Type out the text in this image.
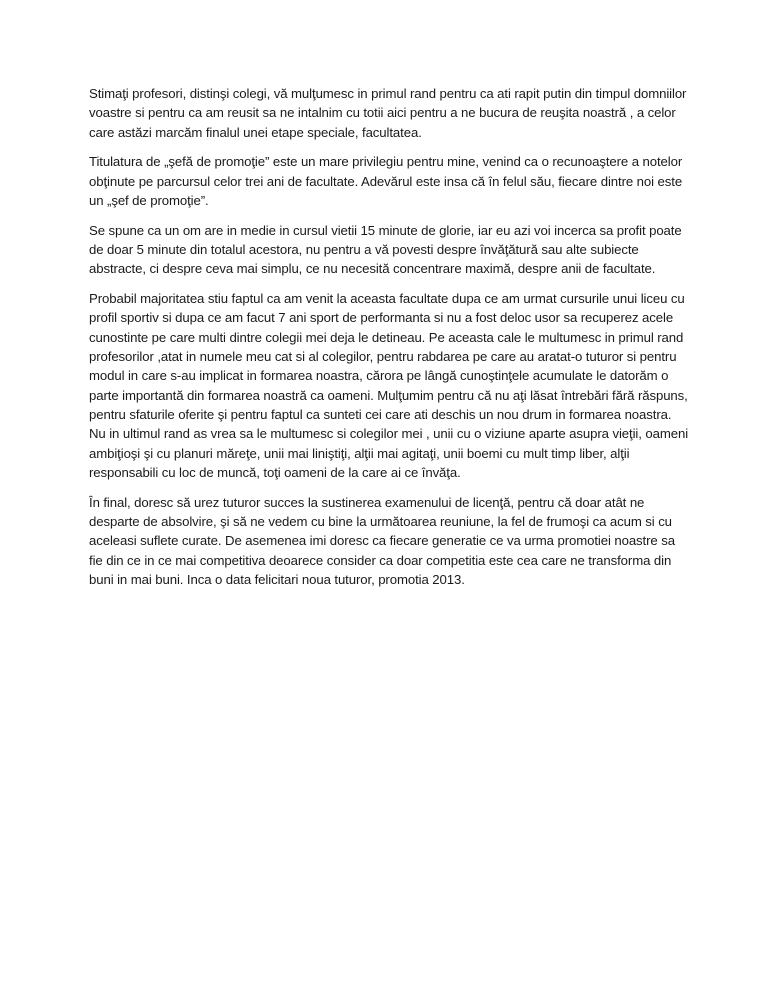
Stimaţi profesori, distinşi colegi, vă mulţumesc in primul rand pentru ca ati rapit putin din timpul domniilor voastre si pentru ca am reusit sa ne intalnim cu totii aici pentru a ne bucura de reuşita noastră , a celor care astăzi marcăm finalul unei etape speciale, facultatea.

Titulatura de „şefă de promoţie” este un mare privilegiu pentru mine, venind ca o recunoaştere a notelor obţinute pe parcursul celor trei ani de facultate. Adevărul este insa că în felul său, fiecare dintre noi este un „şef de promoţie”.

Se spune ca un om are in medie in cursul vietii 15 minute de glorie, iar eu azi voi incerca sa profit poate de doar 5 minute din totalul acestora, nu pentru a vă povesti despre învăţătură sau alte subiecte abstracte, ci despre ceva mai simplu, ce nu necesită concentrare maximă, despre anii de facultate.

Probabil majoritatea stiu faptul ca am venit la aceasta facultate dupa ce am urmat cursurile unui liceu cu profil sportiv si dupa ce am facut 7 ani sport de performanta si nu a fost deloc usor sa recuperez acele cunostinte pe care multi dintre colegii mei deja le detineau. Pe aceasta cale le multumesc in primul rand profesorilor ,atat in numele meu cat si al colegilor, pentru rabdarea pe care au aratat-o tuturor si pentru modul in care s-au implicat in formarea noastra, cărora pe lângă cunoştinţele acumulate le datorăm o parte importantă din formarea noastră ca oameni. Mulţumim pentru că nu aţi lăsat întrebări fără răspuns, pentru sfaturile oferite şi pentru faptul ca sunteti cei care ati deschis un nou drum in formarea noastra. Nu in ultimul rand as vrea sa le multumesc si colegilor mei , unii cu o viziune aparte asupra vieţii, oameni ambiţioşi şi cu planuri măreţe, unii mai liniştiţi, alţii mai agitaţi, unii boemi cu mult timp liber, alţii responsabili cu loc de muncă, toţi oameni de la care ai ce învăţa.

În final, doresc să urez tuturor succes la sustinerea examenului de licenţă, pentru că doar atât ne desparte de absolvire, şi să ne vedem cu bine la următoarea reuniune, la fel de frumoşi ca acum si cu aceleasi suflete curate. De asemenea imi doresc ca fiecare generatie ce va urma promotiei noastre sa fie din ce in ce mai competitiva deoarece consider ca doar competitia este cea care ne transforma din buni in mai buni. Inca o data felicitari noua tuturor, promotia 2013.
